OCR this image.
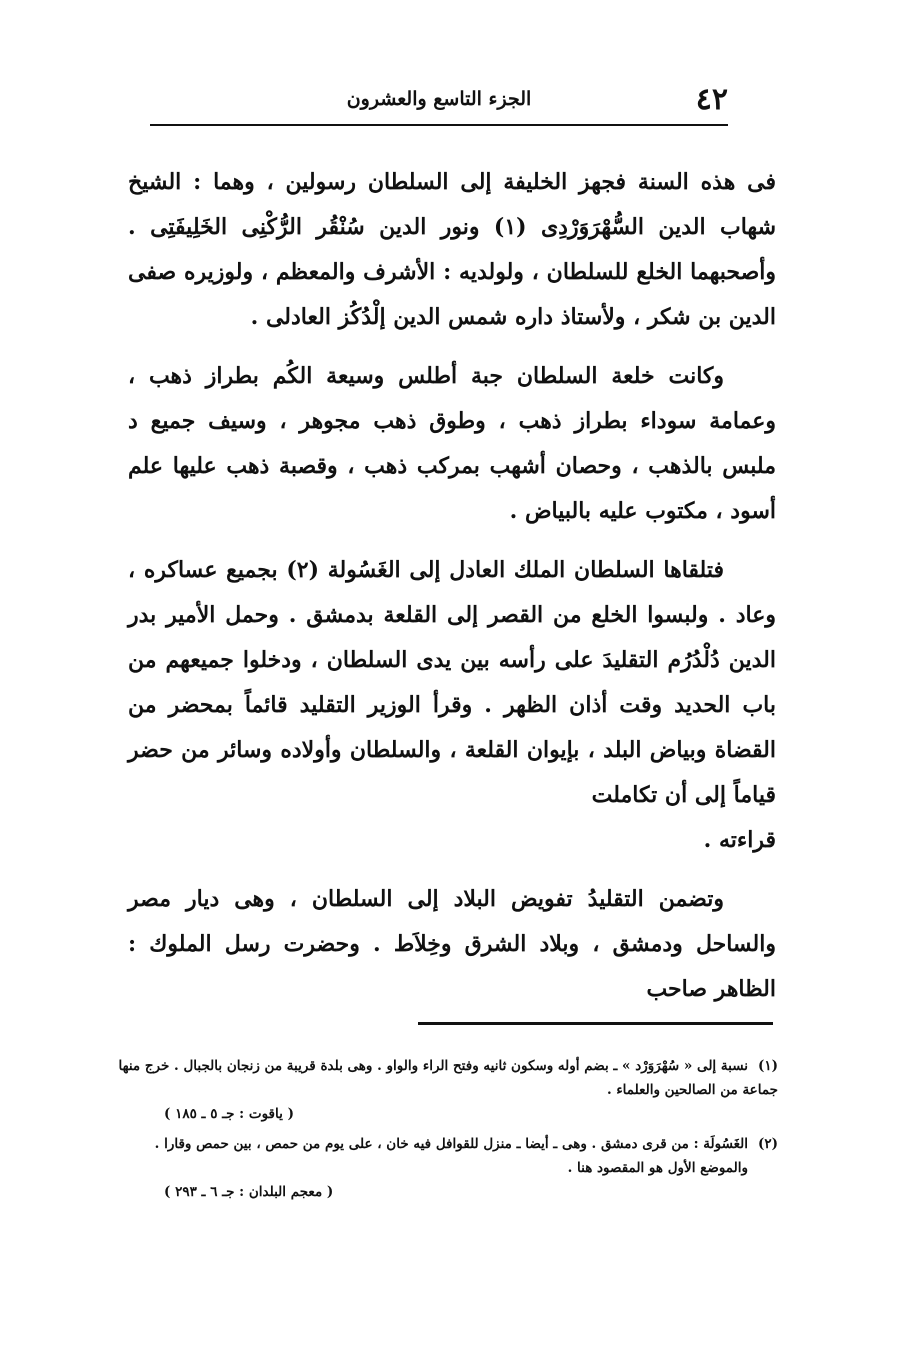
٤٢
الجزء التاسع والعشرون

فى هذه السنة فجهز الخليفة إلى السلطان رسولين ، وهما : الشيخ شهاب الدين السُّهْرَوَرْدِى (١) ونور الدين سُنْقُر الرُّكْنِى الخَلِيفَتِى . وأصحبهما الخلع للسلطان ، ولولديه : الأشرف والمعظم ، ولوزيره صفى الدين بن شكر ، ولأستاذ داره شمس الدين إلْدُكُز العادلى .

وكانت خلعة السلطان جبة أطلس وسيعة الكُم بطراز ذهب ، وعمامة سوداء بطراز ذهب ، وطوق ذهب مجوهر ، وسيف جميع د ملبس بالذهب ، وحصان أشهب بمركب ذهب ، وقصبة ذهب عليها علم أسود ، مكتوب عليه بالبياض .

فتلقاها السلطان الملك العادل إلى الغَسُولة (٢) بجميع عساكره ، وعاد . ولبسوا الخلع من القصر إلى القلعة بدمشق . وحمل الأمير بدر الدين دُلْدُرُم التقليدَ على رأسه بين يدى السلطان ، ودخلوا جميعهم من باب الحديد وقت أذان الظهر . وقرأ الوزير التقليد قائماً بمحضر من القضاة وبياض البلد ، بإيوان القلعة ، والسلطان وأولاده وسائر من حضر قياماً إلى أن تكاملت

قراءته .

وتضمن التقليدُ تفويض البلاد إلى السلطان ، وهى ديار مصر والساحل ودمشق ، وبلاد الشرق وخِلاَط . وحضرت رسل الملوك : الظاهر صاحب

(١)نسبة إلى « سُهْرَوَرْد » ـ بضم أوله وسكون ثانيه وفتح الراء والواو . وهى بلدة قريبة من زنجان بالجبال . خرج منها جماعة من الصالحين والعلماء .
( ياقوت : جـ ٥ ـ ١٨٥ )
(٢)الغَسُولَة : من قرى دمشق . وهى ـ أيضا ـ منزل للقوافل فيه خان ، على يوم من حمص ، بين حمص وقارا .
والموضع الأول هو المقصود هنا .
( معجم البلدان : جـ ٦ ـ ٢٩٣ )
